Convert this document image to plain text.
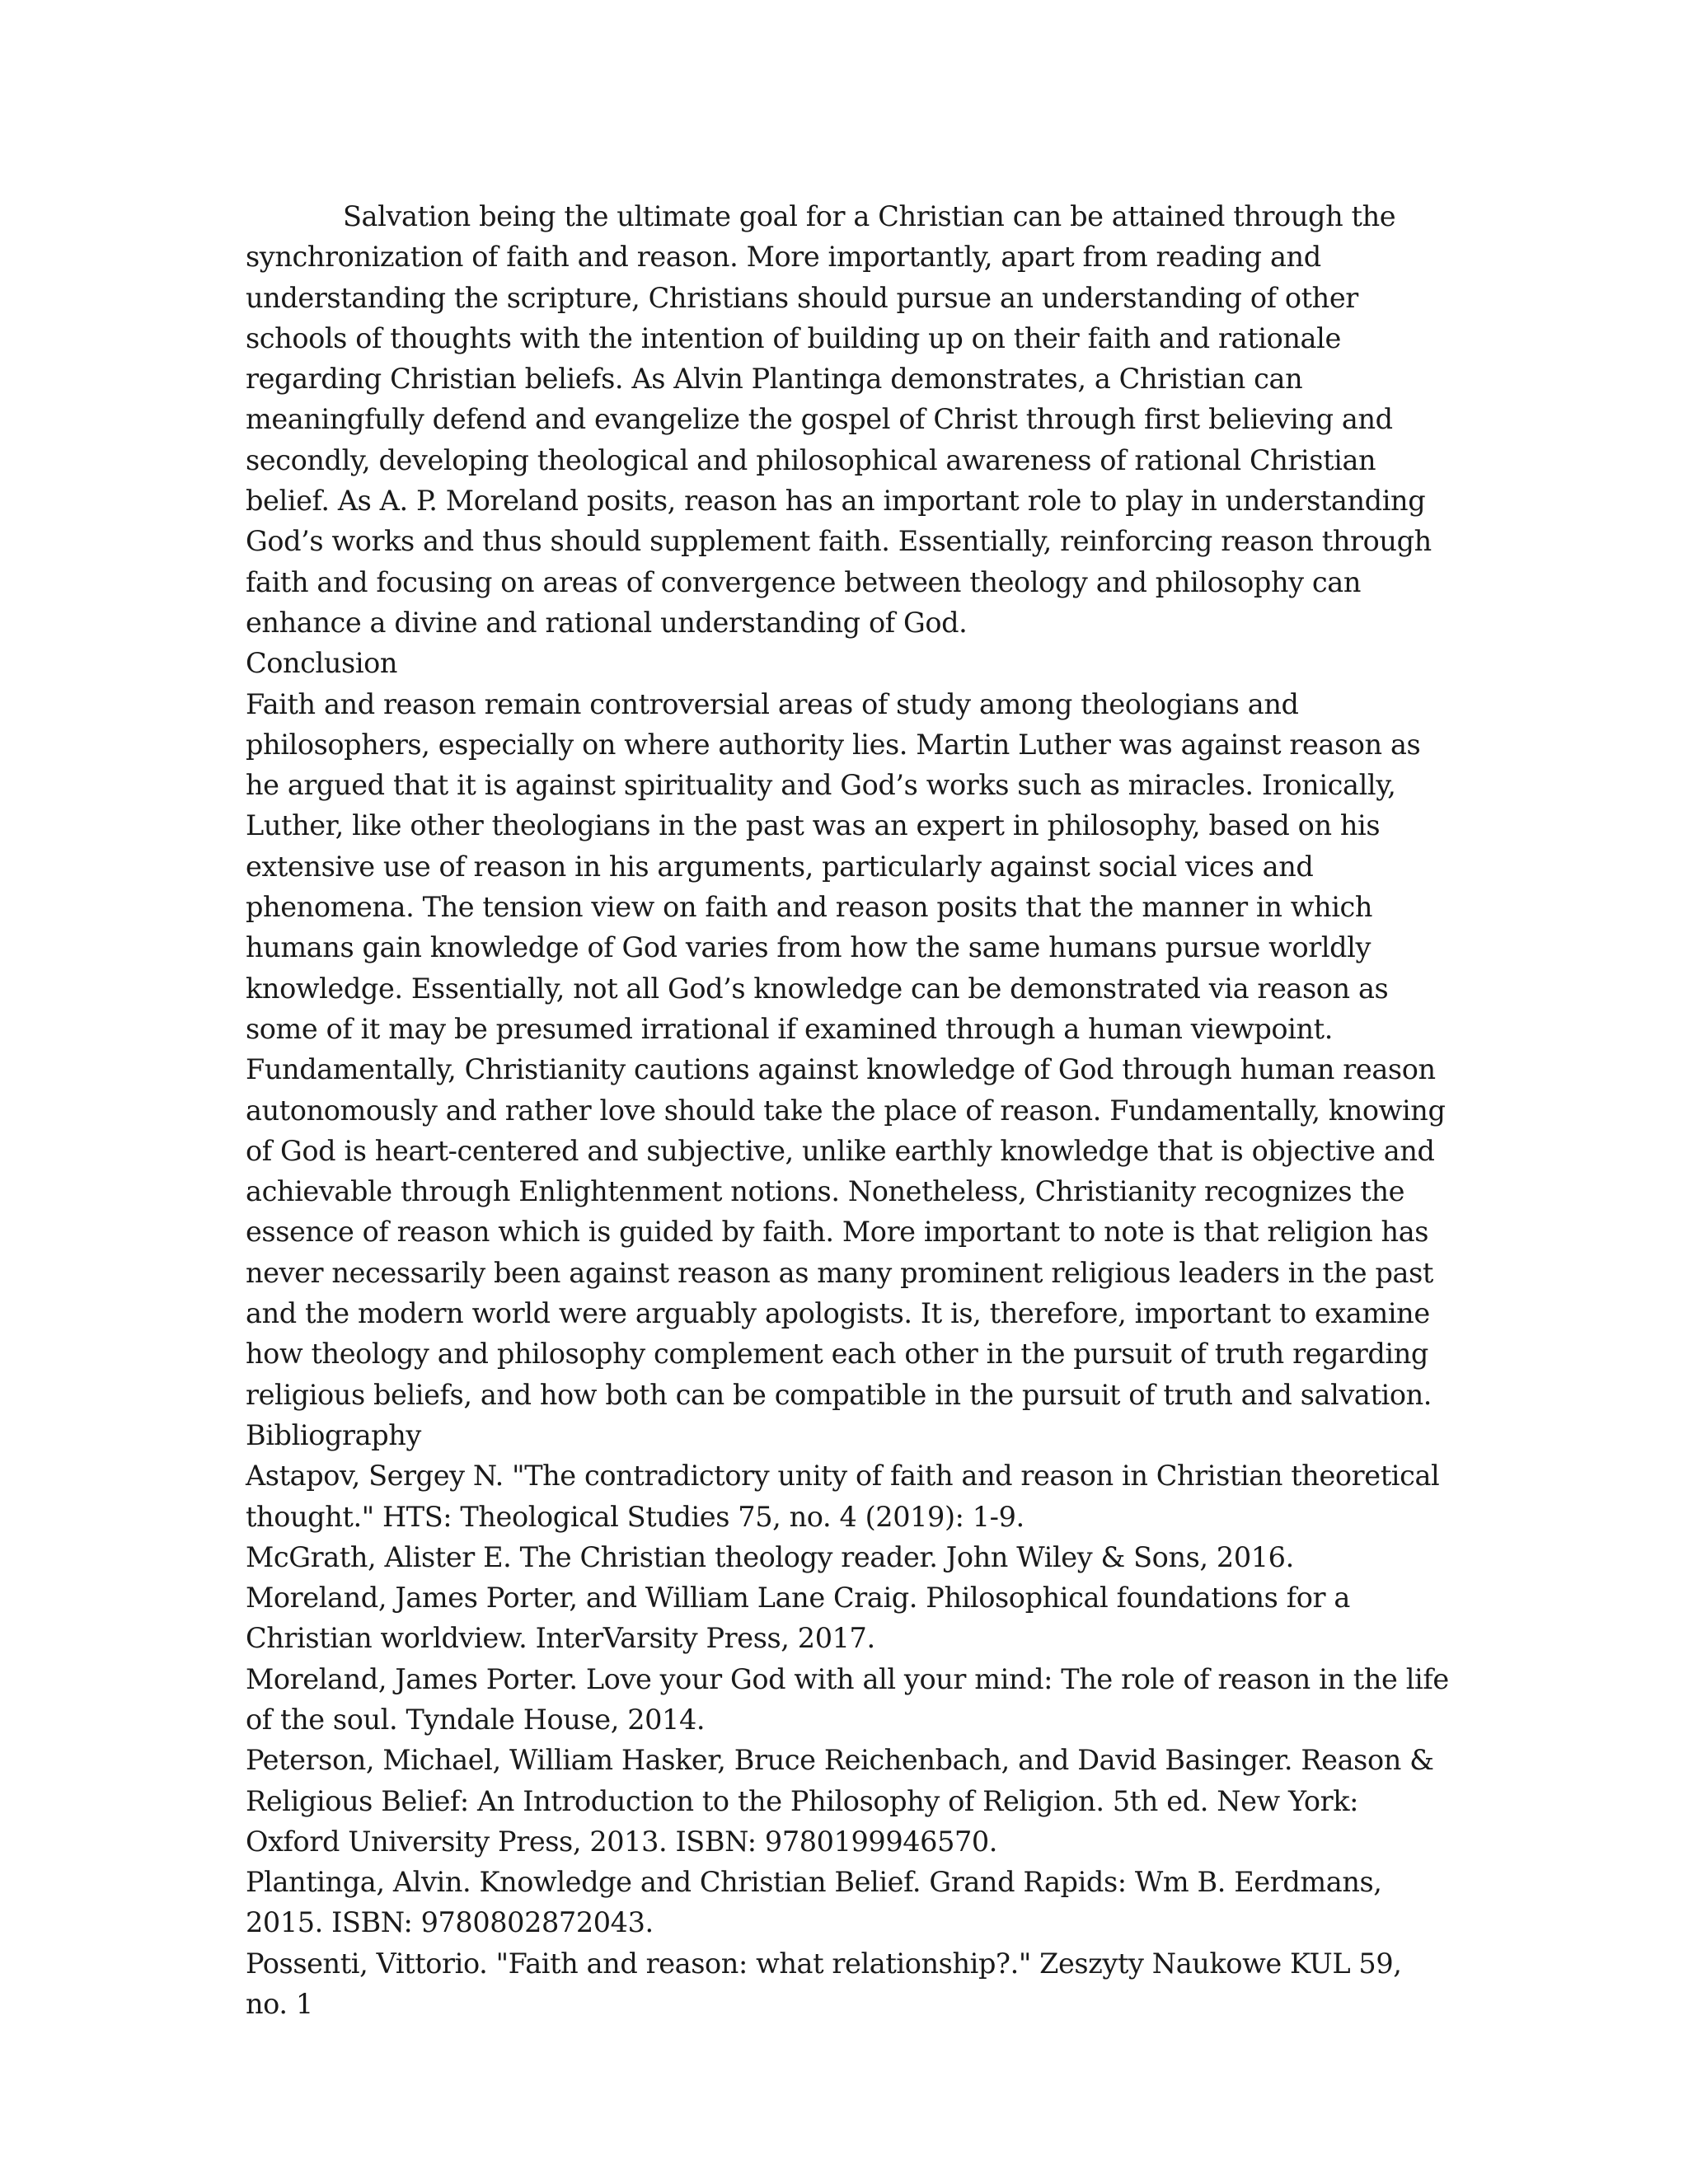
Salvation being the ultimate goal for a Christian can be attained through the synchronization of faith and reason. More importantly, apart from reading and understanding the scripture, Christians should pursue an understanding of other schools of thoughts with the intention of building up on their faith and rationale regarding Christian beliefs. As Alvin Plantinga demonstrates, a Christian can meaningfully defend and evangelize the gospel of Christ through first believing and secondly, developing theological and philosophical awareness of rational Christian belief. As A. P. Moreland posits, reason has an important role to play in understanding God’s works and thus should supplement faith. Essentially, reinforcing reason through faith and focusing on areas of convergence between theology and philosophy can enhance a divine and rational understanding of God.

Conclusion

Faith and reason remain controversial areas of study among theologians and philosophers, especially on where authority lies. Martin Luther was against reason as he argued that it is against spirituality and God’s works such as miracles. Ironically, Luther, like other theologians in the past was an expert in philosophy, based on his extensive use of reason in his arguments, particularly against social vices and phenomena. The tension view on faith and reason posits that the manner in which humans gain knowledge of God varies from how the same humans pursue worldly knowledge. Essentially, not all God’s knowledge can be demonstrated via reason as some of it may be presumed irrational if examined through a human viewpoint. Fundamentally, Christianity cautions against knowledge of God through human reason autonomously and rather love should take the place of reason. Fundamentally, knowing of God is heart-centered and subjective, unlike earthly knowledge that is objective and achievable through Enlightenment notions. Nonetheless, Christianity recognizes the essence of reason which is guided by faith. More important to note is that religion has never necessarily been against reason as many prominent religious leaders in the past and the modern world were arguably apologists. It is, therefore, important to examine how theology and philosophy complement each other in the pursuit of truth regarding religious beliefs, and how both can be compatible in the pursuit of truth and salvation.

Bibliography
Astapov, Sergey N. "The contradictory unity of faith and reason in Christian theoretical thought." HTS: Theological Studies 75, no. 4 (2019): 1-9.
McGrath, Alister E. The Christian theology reader. John Wiley & Sons, 2016.
Moreland, James Porter, and William Lane Craig. Philosophical foundations for a Christian worldview. InterVarsity Press, 2017.
Moreland, James Porter. Love your God with all your mind: The role of reason in the life of the soul. Tyndale House, 2014.
Peterson, Michael, William Hasker, Bruce Reichenbach, and David Basinger. Reason & Religious Belief: An Introduction to the Philosophy of Religion. 5th ed. New York: Oxford University Press, 2013. ISBN: 9780199946570.
Plantinga, Alvin. Knowledge and Christian Belief. Grand Rapids: Wm B. Eerdmans, 2015. ISBN: 9780802872043.
Possenti, Vittorio. "Faith and reason: what relationship?." Zeszyty Naukowe KUL 59, no. 1
